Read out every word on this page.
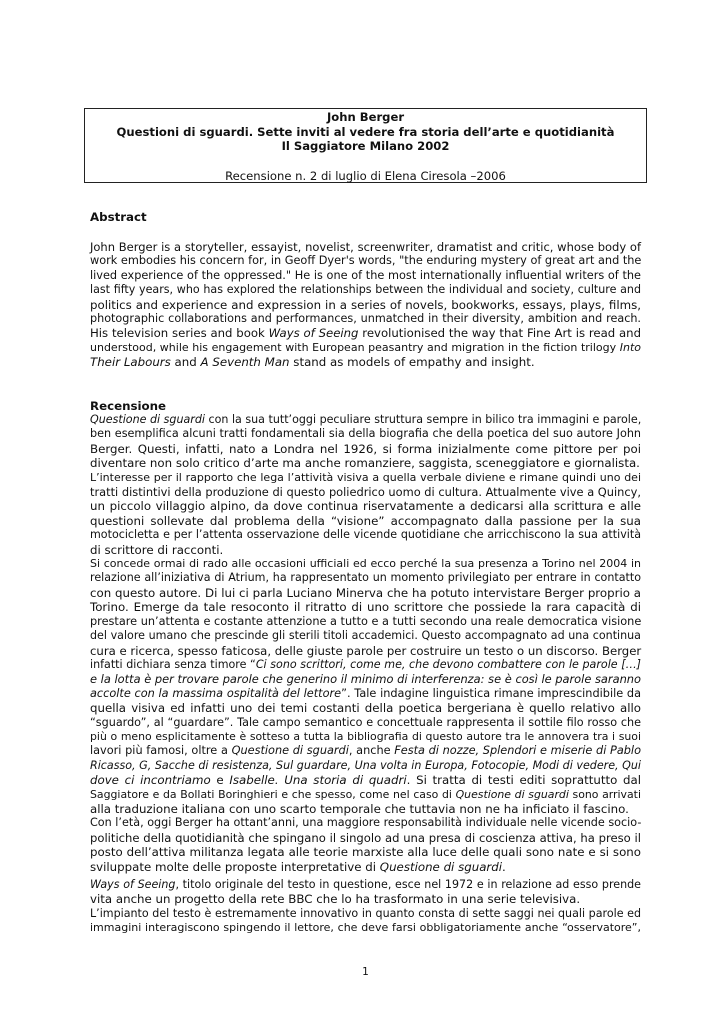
John Berger
Questioni di sguardi. Sette inviti al vedere fra storia dell’arte e quotidianità
Il Saggiatore Milano 2002
Recensione n. 2 di luglio di Elena Ciresola –2006
Abstract
John Berger is a storyteller, essayist, novelist, screenwriter, dramatist and critic, whose body of
work embodies his concern for, in Geoff Dyer's words, "the enduring mystery of great art and the
lived experience of the oppressed." He is one of the most internationally influential writers of the
last fifty years, who has explored the relationships between the individual and society, culture and
politics and experience and expression in a series of novels, bookworks, essays, plays, films,
photographic collaborations and performances, unmatched in their diversity, ambition and reach.
His television series and book Ways of Seeing revolutionised the way that Fine Art is read and
understood, while his engagement with European peasantry and migration in the fiction trilogy Into
Their Labours and A Seventh Man stand as models of empathy and insight.
Recensione
Questione di sguardi con la sua tutt’oggi peculiare struttura sempre in bilico tra immagini e parole,
ben esemplifica alcuni tratti fondamentali sia della biografia che della poetica del suo autore John
Berger. Questi, infatti, nato a Londra nel 1926, si forma inizialmente come pittore per poi
diventare non solo critico d’arte ma anche romanziere, saggista, sceneggiatore e giornalista.
L’interesse per il rapporto che lega l’attività visiva a quella verbale diviene e rimane quindi uno dei
tratti distintivi della produzione di questo poliedrico uomo di cultura. Attualmente vive a Quincy,
un piccolo villaggio alpino, da dove continua riservatamente a dedicarsi alla scrittura e alle
questioni sollevate dal problema della “visione” accompagnato dalla passione per la sua
motocicletta e per l’attenta osservazione delle vicende quotidiane che arricchiscono la sua attività
di scrittore di racconti.
Si concede ormai di rado alle occasioni ufficiali ed ecco perché la sua presenza a Torino nel 2004 in
relazione all’iniziativa di Atrium, ha rappresentato un momento privilegiato per entrare in contatto
con questo autore. Di lui ci parla Luciano Minerva che ha potuto intervistare Berger proprio a
Torino. Emerge da tale resoconto il ritratto di uno scrittore che possiede la rara capacità di
prestare un’attenta e costante attenzione a tutto e a tutti secondo una reale democratica visione
del valore umano che prescinde gli sterili titoli accademici. Questo accompagnato ad una continua
cura e ricerca, spesso faticosa, delle giuste parole per costruire un testo o un discorso. Berger
infatti dichiara senza timore “Ci sono scrittori, come me, che devono combattere con le parole […]
e la lotta è per trovare parole che generino il minimo di interferenza: se è così le parole saranno
accolte con la massima ospitalità del lettore”. Tale indagine linguistica rimane imprescindibile da
quella visiva ed infatti uno dei temi costanti della poetica bergeriana è quello relativo allo
“sguardo”, al “guardare”. Tale campo semantico e concettuale rappresenta il sottile filo rosso che
più o meno esplicitamente è sotteso a tutta la bibliografia di questo autore tra le annovera tra i suoi
lavori più famosi, oltre a Questione di sguardi, anche Festa di nozze, Splendori e miserie di Pablo
Ricasso, G, Sacche di resistenza, Sul guardare, Una volta in Europa, Fotocopie, Modi di vedere, Qui
dove ci incontriamo e Isabelle. Una storia di quadri. Si tratta di testi editi soprattutto dal
Saggiatore e da Bollati Boringhieri e che spesso, come nel caso di Questione di sguardi sono arrivati
alla traduzione italiana con uno scarto temporale che tuttavia non ne ha inficiato il fascino.
Con l’età, oggi Berger ha ottant’anni, una maggiore responsabilità individuale nelle vicende socio-
politiche della quotidianità che spingano il singolo ad una presa di coscienza attiva, ha preso il
posto dell’attiva militanza legata alle teorie marxiste alla luce delle quali sono nate e si sono
sviluppate molte delle proposte interpretative di Questione di sguardi.
Ways of Seeing, titolo originale del testo in questione, esce nel 1972 e in relazione ad esso prende
vita anche un progetto della rete BBC che lo ha trasformato in una serie televisiva.
L’impianto del testo è estremamente innovativo in quanto consta di sette saggi nei quali parole ed
immagini interagiscono spingendo il lettore, che deve farsi obbligatoriamente anche “osservatore”,
1
